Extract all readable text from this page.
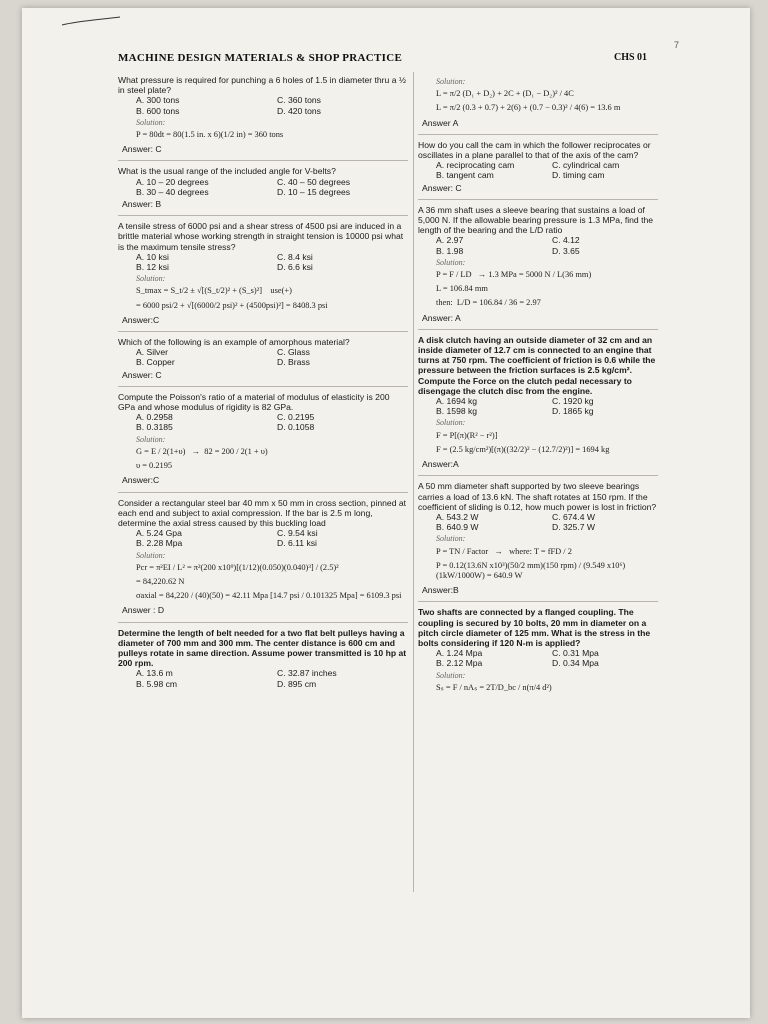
7
MACHINE DESIGN MATERIALS & SHOP PRACTICE	CHS 01
What pressure is required for punching a 6 holes of 1.5 in diameter thru a ½ in steel plate?
A. 300 tons	C. 360 tons
B. 600 tons	D. 420 tons
Solution:
P = 80dt = 80(1.5 in. x 6)(1/2 in) = 360 tons
Answer: C
What is the usual range of the included angle for V-belts?
A. 10 – 20 degrees	C. 40 – 50 degrees
B. 30 – 40 degrees	D. 10 – 15 degrees
Answer: B
A tensile stress of 6000 psi and a shear stress of 4500 psi are induced in a brittle material whose working strength in straight tension is 10000 psi what is the maximum tensile stress?
A. 10 ksi	C. 8.4 ksi
B. 12 ksi	D. 6.6 ksi
Solution:
S_tmax = S_t/2 ± √[(S_t/2)² + (S_s)²]    use(+)
= 6000 psi/2 + √[(6000/2 psi)² + (4500psi)²] = 8408.3 psi
Answer:C
Which of the following is an example of amorphous material?
A. Silver	C. Glass
B. Copper	D. Brass
Answer: C
Compute the Poisson's ratio of a material of modulus of elasticity is 200 GPa and whose modulus of rigidity is 82 GPa.
A. 0.2958	C. 0.2195
B. 0.3185	D. 0.1058
Solution:
G = E / 2(1+υ)   →  82 = 200 / 2(1 + υ)
υ = 0.2195
Answer:C
Consider a rectangular steel bar 40 mm x 50 mm in cross section, pinned at each end and subject to axial compression. If the bar is 2.5 m long, determine the axial stress caused by this buckling load
A. 5.24 Gpa	C. 9.54 ksi
B. 2.28 Mpa	D. 6.11 ksi
Solution:
Pcr = π²EI / L² = π²(200 x10⁹)[(1/12)(0.050)(0.040)³] / (2.5)²
= 84,220.62 N
σaxial = 84,220 / (40)(50) = 42.11 Mpa [14.7 psi / 0.101325 Mpa] = 6109.3 psi
Answer : D
Determine the length of belt needed for a two flat belt pulleys having a diameter of 700 mm and 300 mm. The center distance is 600 cm and pulleys rotate in same direction. Assume power transmitted is 10 hp at 200 rpm.
A. 13.6 m	C. 32.87 inches
B. 5.98 cm	D. 895 cm
Solution:
L = π/2 (D₁ + D₂) + 2C + (D₁ − D₂)² / 4C
L = π/2 (0.3 + 0.7) + 2(6) + (0.7 − 0.3)² / 4(6) = 13.6 m
Answer A
How do you call the cam in which the follower reciprocates or oscillates in a plane parallel to that of the axis of the cam?
A. reciprocating cam	C. cylindrical cam
B. tangent cam	D. timing cam
Answer: C
A 36 mm shaft uses a sleeve bearing that sustains a load of 5,000 N. If the allowable bearing pressure is 1.3 MPa, find the length of the bearing and the L/D ratio
A. 2.97	C. 4.12
B. 1.98	D. 3.65
Solution:
P = F / LD   → 1.3 MPa = 5000 N / L(36 mm)
L = 106.84 mm
then:  L/D = 106.84 / 36 = 2.97
Answer: A
A disk clutch having an outside diameter of 32 cm and an inside diameter of 12.7 cm is connected to an engine that turns at 750 rpm. The coefficient of friction is 0.6 while the pressure between the friction surfaces is 2.5 kg/cm². Compute the Force on the clutch pedal necessary to disengage the clutch disc from the engine.
A. 1694 kg	C. 1920 kg
B. 1598 kg	D. 1865 kg
Solution:
F = P[(π)(R² − r²)]
F = (2.5 kg/cm²)[(π)((32/2)² − (12.7/2)²)] = 1694 kg
Answer:A
A 50 mm diameter shaft supported by two sleeve bearings carries a load of 13.6 kN. The shaft rotates at 150 rpm. If the coefficient of sliding is 0.12, how much power is lost in friction?
A. 543.2 W	C. 674.4 W
B. 640.9 W	D. 325.7 W
Solution:
P = TN / Factor   →   where: T = fFD / 2
P = 0.12(13.6N x10³)(50/2 mm)(150 rpm) / (9.549 x10⁶)(1kW/1000W) = 640.9 W
Answer:B
Two shafts are connected by a flanged coupling. The coupling is secured by 10 bolts, 20 mm in diameter on a pitch circle diameter of 125 mm. What is the stress in the bolts considering if 120 N-m is applied?
A. 1.24 Mpa	C. 0.31 Mpa
B. 2.12 Mpa	D. 0.34 Mpa
Solution:
Sₛ = F / nAₛ = 2T/D_bc / n(π/4 d²)
